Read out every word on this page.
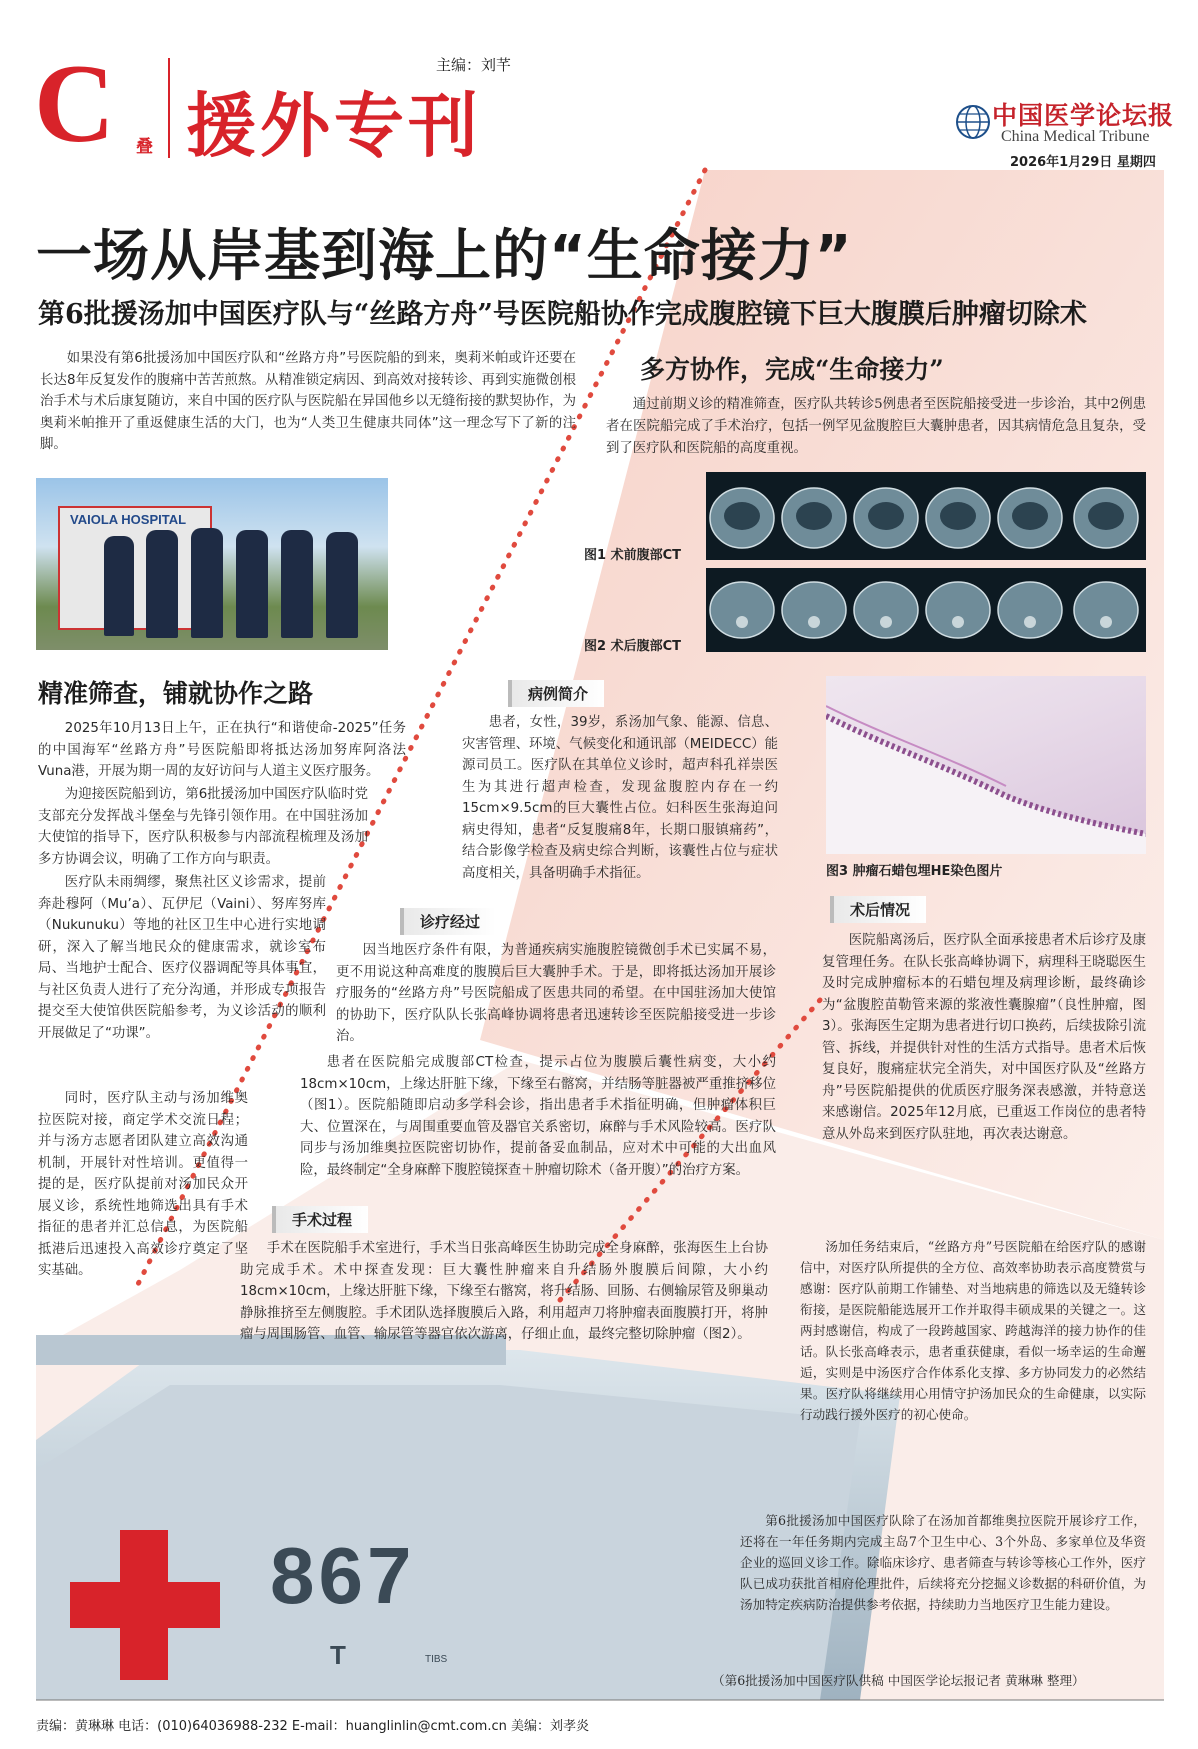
C 叠 援外专刊
主编：刘芊
中国医学论坛报
China Medical Tribune
2026年1月29日 星期四
一场从岸基到海上的“生命接力”
第6批援汤加中国医疗队与“丝路方舟”号医院船协作完成腹腔镜下巨大腹膜后肿瘤切除术
如果没有第6批援汤加中国医疗队和“丝路方舟”号医院船的到来，奥莉米帕或许还要在长达8年反复发作的腹痛中苦苦煎熬。从精准锁定病因、到高效对接转诊、再到实施微创根治手术与术后康复随访，来自中国的医疗队与医院船在异国他乡以无缝衔接的默契协作，为奥莉米帕推开了重返健康生活的大门，也为“人类卫生健康共同体”这一理念写下了新的注脚。
多方协作，完成“生命接力”
通过前期义诊的精准筛查，医疗队共转诊5例患者至医院船接受进一步诊治，其中2例患者在医院船完成了手术治疗，包括一例罕见盆腹腔巨大囊肿患者，因其病情危急且复杂，受到了医疗队和医院船的高度重视。
VAIOLA HOSPITAL
图1 术前腹部CT
图2 术后腹部CT
图3 肿瘤石蜡包埋HE染色图片
精准筛查，铺就协作之路
2025年10月13日上午，正在执行“和谐使命-2025”任务的中国海军“丝路方舟”号医院船即将抵达汤加努库阿洛法Vuna港，开展为期一周的友好访问与人道主义医疗服务。
为迎接医院船到访，第6批援汤加中国医疗队临时党支部充分发挥战斗堡垒与先锋引领作用。在中国驻汤加大使馆的指导下，医疗队积极参与内部流程梳理及汤加多方协调会议，明确了工作方向与职责。
医疗队未雨绸缪，聚焦社区义诊需求，提前奔赴穆阿（Mu’a）、瓦伊尼（Vaini）、努库努库（Nukunuku）等地的社区卫生中心进行实地调研，深入了解当地民众的健康需求，就诊室布局、当地护士配合、医疗仪器调配等具体事宜，与社区负责人进行了充分沟通，并形成专项报告提交至大使馆供医院船参考，为义诊活动的顺利开展做足了“功课”。
同时，医疗队主动与汤加维奥拉医院对接，商定学术交流日程；并与汤方志愿者团队建立高效沟通机制，开展针对性培训。更值得一提的是，医疗队提前对汤加民众开展义诊，系统性地筛选出具有手术指征的患者并汇总信息，为医院船抵港后迅速投入高效诊疗奠定了坚实基础。
病例简介
患者，女性，39岁，系汤加气象、能源、信息、灾害管理、环境、气候变化和通讯部（MEIDECC）能源司员工。医疗队在其单位义诊时，超声科孔祥崇医生为其进行超声检查，发现盆腹腔内存在一约15cm×9.5cm的巨大囊性占位。妇科医生张海迫问病史得知，患者“反复腹痛8年，长期口服镇痛药”，结合影像学检查及病史综合判断，该囊性占位与症状高度相关，具备明确手术指征。
术后情况
医院船离汤后，医疗队全面承接患者术后诊疗及康复管理任务。在队长张高峰协调下，病理科王晓聪医生及时完成肿瘤标本的石蜡包埋及病理诊断，最终确诊为“盆腹腔苗勒管来源的浆液性囊腺瘤”（良性肿瘤，图3）。张海医生定期为患者进行切口换药，后续拔除引流管、拆线，并提供针对性的生活方式指导。患者术后恢复良好，腹痛症状完全消失，对中国医疗队及“丝路方舟”号医院船提供的优质医疗服务深表感激，并特意送来感谢信。2025年12月底，已重返工作岗位的患者特意从外岛来到医疗队驻地，再次表达谢意。
诊疗经过
因当地医疗条件有限，为普通疾病实施腹腔镜微创手术已实属不易，更不用说这种高难度的腹膜后巨大囊肿手术。于是，即将抵达汤加开展诊疗服务的“丝路方舟”号医院船成了医患共同的希望。在中国驻汤加大使馆的协助下，医疗队队长张高峰协调将患者迅速转诊至医院船接受进一步诊治。
患者在医院船完成腹部CT检查，提示占位为腹膜后囊性病变，大小约18cm×10cm，上缘达肝脏下缘，下缘至右髂窝，并结肠等脏器被严重推挤移位（图1）。医院船随即启动多学科会诊，指出患者手术指征明确，但肿瘤体积巨大、位置深在，与周围重要血管及器官关系密切，麻醉与手术风险较高。医疗队同步与汤加维奥拉医院密切协作，提前备妥血制品，应对术中可能的大出血风险，最终制定“全身麻醉下腹腔镜探查＋肿瘤切除术（备开腹）”的治疗方案。
手术过程
手术在医院船手术室进行，手术当日张高峰医生协助完成全身麻醉，张海医生上台协助完成手术。术中探查发现：巨大囊性肿瘤来自升结肠外腹膜后间隙，大小约18cm×10cm，上缘达肝脏下缘，下缘至右髂窝，将升结肠、回肠、右侧输尿管及卵巢动静脉推挤至左侧腹腔。手术团队选择腹膜后入路，利用超声刀将肿瘤表面腹膜打开，将肿瘤与周围肠管、血管、输尿管等器官依次游离，仔细止血，最终完整切除肿瘤（图2）。
汤加任务结束后，“丝路方舟”号医院船在给医疗队的感谢信中，对医疗队所提供的全方位、高效率协助表示高度赞赏与感谢：医疗队前期工作铺垫、对当地病患的筛选以及无缝转诊衔接，是医院船能选展开工作并取得丰硕成果的关键之一。这两封感谢信，构成了一段跨越国家、跨越海洋的接力协作的佳话。队长张高峰表示，患者重获健康，看似一场幸运的生命邂逅，实则是中汤医疗合作体系化支撑、多方协同发力的必然结果。医疗队将继续用心用情守护汤加民众的生命健康，以实际行动践行援外医疗的初心使命。
第6批援汤加中国医疗队除了在汤加首都维奥拉医院开展诊疗工作，还将在一年任务期内完成主岛7个卫生中心、3个外岛、多家单位及华资企业的巡回义诊工作。除临床诊疗、患者筛查与转诊等核心工作外，医疗队已成功获批首相府伦理批件，后续将充分挖掘义诊数据的科研价值，为汤加特定疾病防治提供参考依据，持续助力当地医疗卫生能力建设。
（第6批援汤加中国医疗队供稿 中国医学论坛报记者 黄琳琳 整理）
867
T	TIBS
责编：黄琳琳 电话：(010)64036988-232 E-mail：huanglinlin@cmt.com.cn 美编：刘孝炎
